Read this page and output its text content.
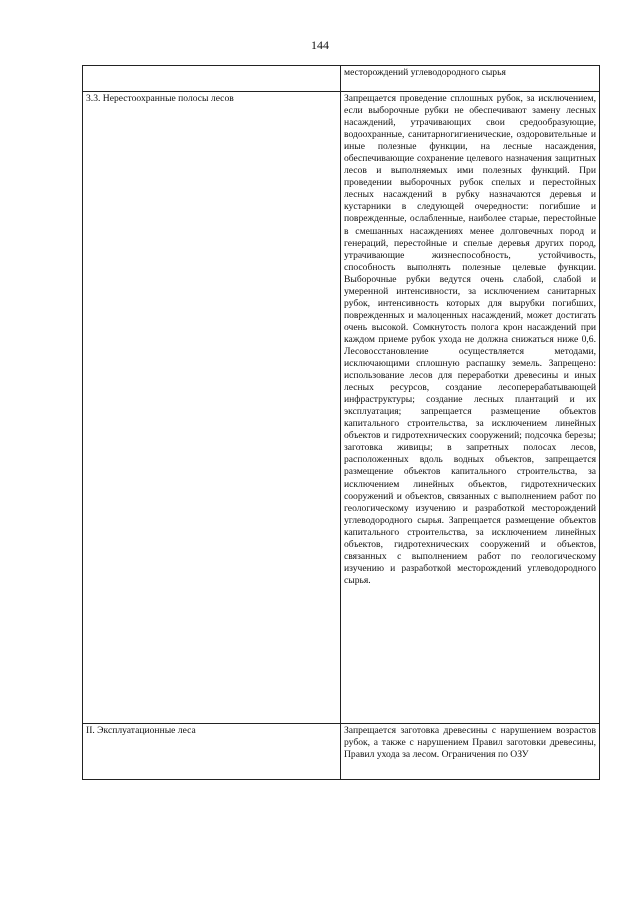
144
	месторождений углеводородного сырья
3.3. Нерестоохранные полосы лесов	Запрещается проведение сплошных рубок, за исключением, если выборочные рубки не обеспечивают замену лесных насаждений, утрачивающих свои средообразующие, водоохранные, санитарногигиенические, оздоровительные и иные полезные функции, на лесные насаждения, обеспечивающие сохранение целевого назначения защитных лесов и выполняемых ими полезных функций. При проведении выборочных рубок спелых и перестойных лесных насаждений в рубку назначаются деревья и кустарники в следующей очередности: погибшие и поврежденные, ослабленные, наиболее старые, перестойные в смешанных насаждениях менее долговечных пород и генераций, перестойные и спелые деревья других пород, утрачивающие жизнеспособность, устойчивость, способность выполнять полезные целевые функции. Выборочные рубки ведутся очень слабой, слабой и умеренной интенсивности, за исключением санитарных рубок, интенсивность которых для вырубки погибших, поврежденных и малоценных насаждений, может достигать очень высокой. Сомкнутость полога крон насаждений при каждом приеме рубок ухода не должна снижаться ниже 0,6. Лесовосстановление осуществляется методами, исключающими сплошную распашку земель. Запрещено: использование лесов для переработки древесины и иных лесных ресурсов, создание лесоперерабатывающей инфраструктуры; создание лесных плантаций и их эксплуатация; запрещается размещение объектов капитального строительства, за исключением линейных объектов и гидротехнических сооружений; подсочка березы; заготовка живицы; в запретных полосах лесов, расположенных вдоль водных объектов, запрещается размещение объектов капитального строительства, за исключением линейных объектов, гидротехнических сооружений и объектов, связанных с выполнением работ по геологическому изучению и разработкой месторождений углеводородного сырья. Запрещается размещение объектов капитального строительства, за исключением линейных объектов, гидротехнических сооружений и объектов, связанных с выполнением работ по геологическому изучению и разработкой месторождений углеводородного сырья.
II. Эксплуатационные леса	Запрещается заготовка древесины с нарушением возрастов рубок, а также с нарушением Правил заготовки древесины, Правил ухода за лесом. Ограничения по ОЗУ
